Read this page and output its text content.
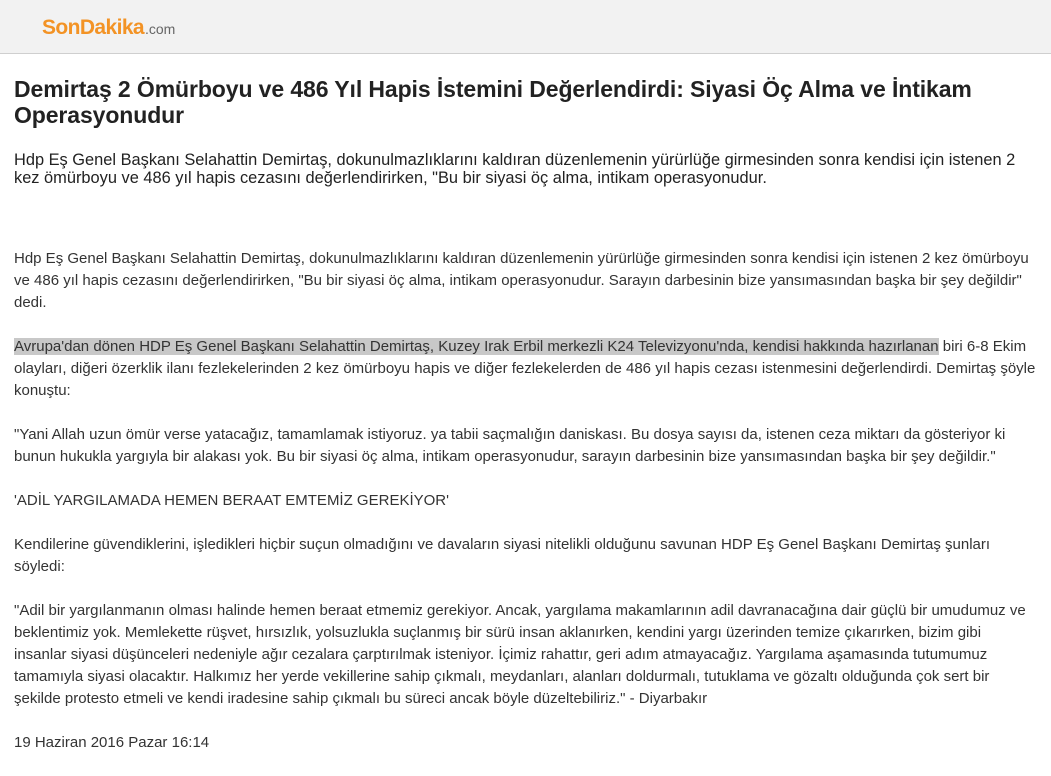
SonDakika.com
Demirtaş 2 Ömürboyu ve 486 Yıl Hapis İstemini Değerlendirdi: Siyasi Öç Alma ve İntikam Operasyonudur
Hdp Eş Genel Başkanı Selahattin Demirtaş, dokunulmazlıklarını kaldıran düzenlemenin yürürlüğe girmesinden sonra kendisi için istenen 2 kez ömürboyu ve 486 yıl hapis cezasını değerlendirirken, "Bu bir siyasi öç alma, intikam operasyonudur.

Hdp Eş Genel Başkanı Selahattin Demirtaş, dokunulmazlıklarını kaldıran düzenlemenin yürürlüğe girmesinden sonra kendisi için istenen 2 kez ömürboyu ve 486 yıl hapis cezasını değerlendirirken, "Bu bir siyasi öç alma, intikam operasyonudur. Sarayın darbesinin bize yansımasından başka bir şey değildir" dedi.

Avrupa'dan dönen HDP Eş Genel Başkanı Selahattin Demirtaş, Kuzey Irak Erbil merkezli K24 Televizyonu'nda, kendisi hakkında hazırlanan biri 6-8 Ekim olayları, diğeri özerklik ilanı fezlekelerinden 2 kez ömürboyu hapis ve diğer fezlekelerden de 486 yıl hapis cezası istenmesini değerlendirdi. Demirtaş şöyle konuştu:

"Yani Allah uzun ömür verse yatacağız, tamamlamak istiyoruz. ya tabii saçmalığın daniskası. Bu dosya sayısı da, istenen ceza miktarı da gösteriyor ki bunun hukukla yargıyla bir alakası yok. Bu bir siyasi öç alma, intikam operasyonudur, sarayın darbesinin bize yansımasından başka bir şey değildir."

'ADİL YARGILAMADA HEMEN BERAAT EMTEMİZ GEREKİYOR'

Kendilerine güvendiklerini, işledikleri hiçbir suçun olmadığını ve davaların siyasi nitelikli olduğunu savunan HDP Eş Genel Başkanı Demirtaş şunları söyledi:

"Adil bir yargılanmanın olması halinde hemen beraat etmemiz gerekiyor. Ancak, yargılama makamlarının adil davranacağına dair güçlü bir umudumuz ve beklentimiz yok. Memlekette rüşvet, hırsızlık, yolsuzlukla suçlanmış bir sürü insan aklanırken, kendini yargı üzerinden temize çıkarırken, bizim gibi insanlar siyasi düşünceleri nedeniyle ağır cezalara çarptırılmak isteniyor. İçimiz rahattır, geri adım atmayacağız. Yargılama aşamasında tutumumuz tamamıyla siyasi olacaktır. Halkımız her yerde vekillerine sahip çıkmalı, meydanları, alanları doldurmalı, tutuklama ve gözaltı olduğunda çok sert bir şekilde protesto etmeli ve kendi iradesine sahip çıkmalı bu süreci ancak böyle düzeltebiliriz." - Diyarbakır

19 Haziran 2016 Pazar 16:14
